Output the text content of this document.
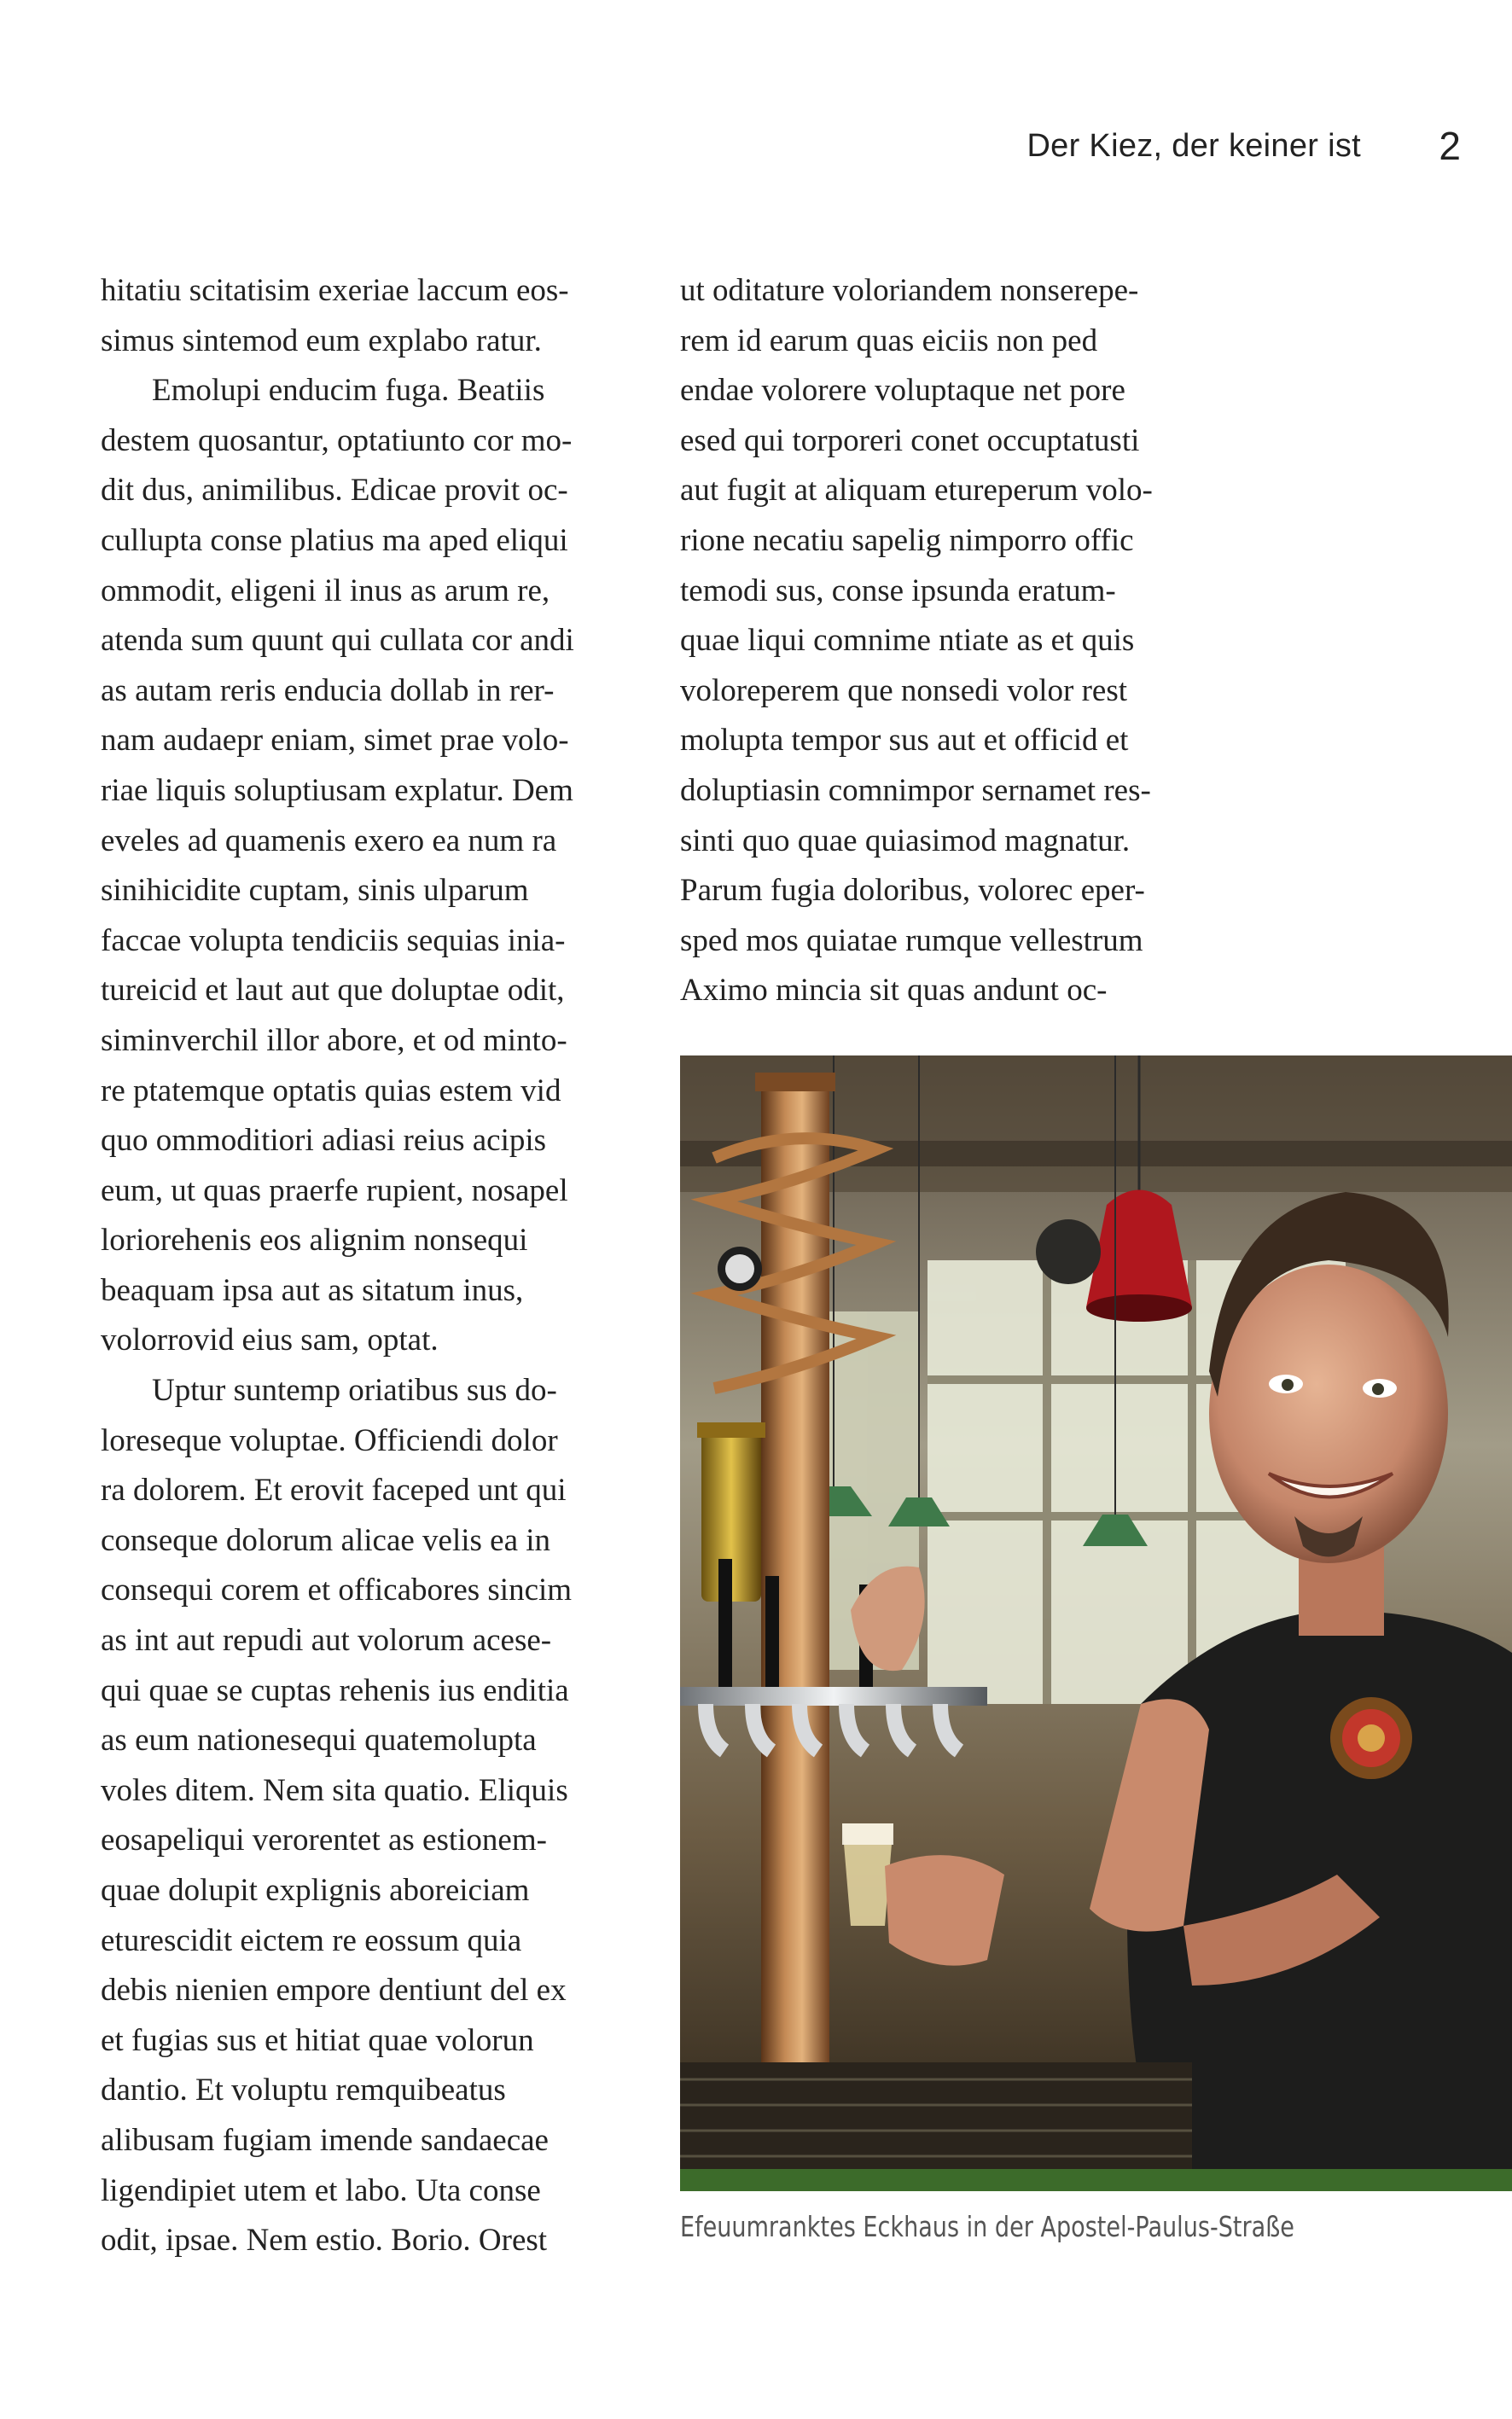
Der Kiez, der keiner ist 2
hitatiu scitatisim exeriae laccum eos-
simus sintemod eum explabo ratur.
Emolupi enducim fuga. Beatiis
destem quosantur, optatiunto cor mo-
dit dus, animilibus. Edicae provit oc-
cullupta conse platius ma aped eliqui
ommodit, eligeni il inus as arum re,
atenda sum quunt qui cullata cor andi
as autam reris enducia dollab in rer-
nam audaepr eniam, simet prae volo-
riae liquis soluptiusam explatur. Dem
eveles ad quamenis exero ea num ra
sinihicidite cuptam, sinis ulparum
faccae volupta tendiciis sequias inia-
tureicid et laut aut que doluptae odit,
siminverchil illor abore, et od minto-
re ptatemque optatis quias estem vid
quo ommoditiori adiasi reius acipis
eum, ut quas praerfe rupient, nosapel
loriorehenis eos alignim nonsequi
beaquam ipsa aut as sitatum inus,
volorrovid eius sam, optat.
Uptur suntemp oriatibus sus do-
loreseque voluptae. Officiendi dolor
ra dolorem. Et erovit faceped unt qui
conseque dolorum alicae velis ea in
consequi corem et officabores sincim
as int aut repudi aut volorum acese-
qui quae se cuptas rehenis ius enditia
as eum nationesequi quatemolupta
voles ditem. Nem sita quatio. Eliquis
eosapeliqui verorentet as estionem-
quae dolupit explignis aboreiciam
eturescidit eictem re eossum quia
debis nienien empore dentiunt del ex
et fugias sus et hitiat quae volorun
dantio. Et voluptu remquibeatus
alibusam fugiam imende sandaecae
ligendipiet utem et labo. Uta conse
odit, ipsae. Nem estio. Borio. Orest
ut oditature voloriandem nonserepe-
rem id earum quas eiciis non ped
endae volorere voluptaque net pore
esed qui torporeri conet occuptatusti
aut fugit at aliquam etureperum volo-
rione necatiu sapelig nimporro offic
temodi sus, conse ipsunda eratum-
quae liqui comnime ntiate as et quis
voloreperem que nonsedi volor rest
molupta tempor sus aut et officid et
doluptiasin comnimpor sernamet res-
sinti quo quae quiasimod magnatur.
Parum fugia doloribus, volorec eper-
sped mos quiatae rumque vellestrum
Aximo mincia sit quas andunt oc-
Efeuumranktes Eckhaus in der Apostel-Paulus-Straße
